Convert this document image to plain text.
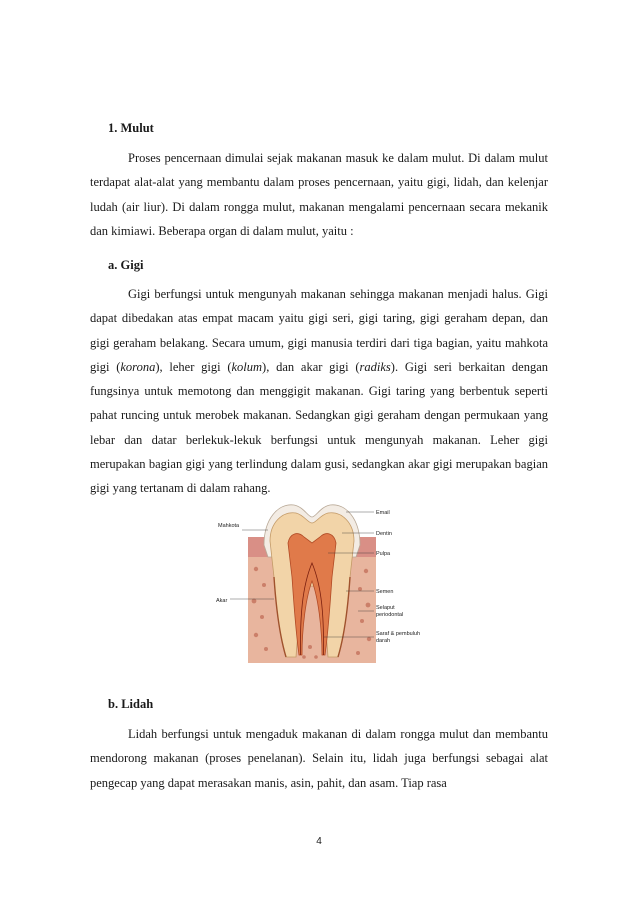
1. Mulut

Proses pencernaan dimulai sejak makanan masuk ke dalam mulut. Di dalam mulut terdapat alat-alat yang membantu dalam proses pencernaan, yaitu gigi, lidah, dan kelenjar ludah (air liur). Di dalam rongga mulut, makanan mengalami pencernaan secara mekanik dan kimiawi. Beberapa organ di dalam mulut, yaitu :

a. Gigi

Gigi berfungsi untuk mengunyah makanan sehingga makanan menjadi halus. Gigi dapat dibedakan atas empat macam yaitu gigi seri, gigi taring, gigi geraham depan, dan gigi geraham belakang. Secara umum, gigi manusia terdiri dari tiga bagian, yaitu mahkota gigi (korona), leher gigi (kolum), dan akar gigi (radiks). Gigi seri berkaitan dengan fungsinya untuk memotong dan menggigit makanan. Gigi taring yang berbentuk seperti pahat runcing untuk merobek makanan. Sedangkan gigi geraham dengan permukaan yang lebar dan datar berlekuk-lekuk berfungsi untuk mengunyah makanan. Leher gigi merupakan bagian gigi yang terlindung dalam gusi, sedangkan akar gigi merupakan bagian gigi yang tertanam di dalam rahang.

Mahkota
Akar
Email
Dentin
Pulpa
Semen
Selaput
periodontal
Saraf & pembuluh
darah
b. Lidah

Lidah berfungsi untuk mengaduk makanan di dalam rongga mulut dan membantu mendorong makanan (proses penelanan). Selain itu, lidah juga berfungsi sebagai alat pengecap yang dapat merasakan manis, asin, pahit, dan asam. Tiap rasa

4
